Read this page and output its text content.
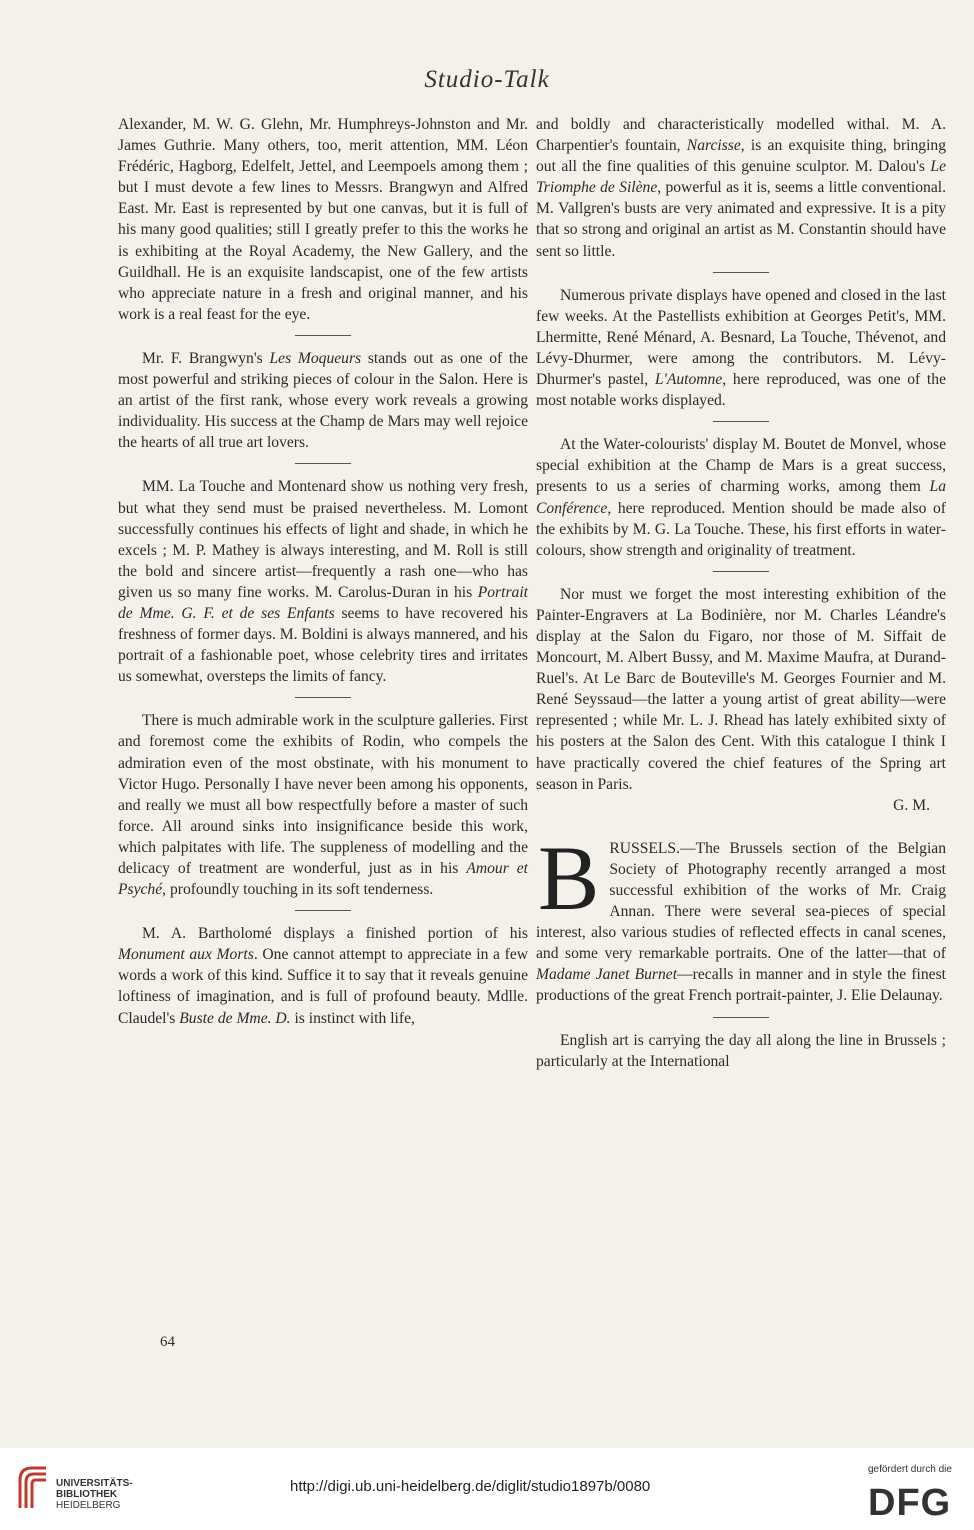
Studio-Talk

Alexander, M. W. G. Glehn, Mr. Humphreys-Johnston and Mr. James Guthrie. Many others, too, merit attention, MM. Léon Frédéric, Hagborg, Edelfelt, Jettel, and Leempoels among them ; but I must devote a few lines to Messrs. Brangwyn and Alfred East. Mr. East is represented by but one canvas, but it is full of his many good qualities; still I greatly prefer to this the works he is exhibiting at the Royal Academy, the New Gallery, and the Guildhall. He is an exquisite landscapist, one of the few artists who appreciate nature in a fresh and original manner, and his work is a real feast for the eye.

Mr. F. Brangwyn's Les Moqueurs stands out as one of the most powerful and striking pieces of colour in the Salon. Here is an artist of the first rank, whose every work reveals a growing individuality. His success at the Champ de Mars may well rejoice the hearts of all true art lovers.

MM. La Touche and Montenard show us nothing very fresh, but what they send must be praised nevertheless. M. Lomont successfully continues his effects of light and shade, in which he excels ; M. P. Mathey is always interesting, and M. Roll is still the bold and sincere artist—frequently a rash one—who has given us so many fine works. M. Carolus-Duran in his Portrait de Mme. G. F. et de ses Enfants seems to have recovered his freshness of former days. M. Boldini is always mannered, and his portrait of a fashionable poet, whose celebrity tires and irritates us somewhat, oversteps the limits of fancy.

There is much admirable work in the sculpture galleries. First and foremost come the exhibits of Rodin, who compels the admiration even of the most obstinate, with his monument to Victor Hugo. Personally I have never been among his opponents, and really we must all bow respectfully before a master of such force. All around sinks into insignificance beside this work, which palpitates with life. The suppleness of modelling and the delicacy of treatment are wonderful, just as in his Amour et Psyché, profoundly touching in its soft tenderness.

M. A. Bartholomé displays a finished portion of his Monument aux Morts. One cannot attempt to appreciate in a few words a work of this kind. Suffice it to say that it reveals genuine loftiness of imagination, and is full of profound beauty. Mdlle. Claudel's Buste de Mme. D. is instinct with life,

64

and boldly and characteristically modelled withal. M. A. Charpentier's fountain, Narcisse, is an exquisite thing, bringing out all the fine qualities of this genuine sculptor. M. Dalou's Le Triomphe de Silène, powerful as it is, seems a little conventional. M. Vallgren's busts are very animated and expressive. It is a pity that so strong and original an artist as M. Constantin should have sent so little.

Numerous private displays have opened and closed in the last few weeks. At the Pastellists exhibition at Georges Petit's, MM. Lhermitte, René Ménard, A. Besnard, La Touche, Thévenot, and Lévy-Dhurmer, were among the contributors. M. Lévy-Dhurmer's pastel, L'Automne, here reproduced, was one of the most notable works displayed.

At the Water-colourists' display M. Boutet de Monvel, whose special exhibition at the Champ de Mars is a great success, presents to us a series of charming works, among them La Conférence, here reproduced. Mention should be made also of the exhibits by M. G. La Touche. These, his first efforts in water-colours, show strength and originality of treatment.

Nor must we forget the most interesting exhibition of the Painter-Engravers at La Bodinière, nor M. Charles Léandre's display at the Salon du Figaro, nor those of M. Siffait de Moncourt, M. Albert Bussy, and M. Maxime Maufra, at Durand-Ruel's. At Le Barc de Bouteville's M. Georges Fournier and M. René Seyssaud—the latter a young artist of great ability—were represented ; while Mr. L. J. Rhead has lately exhibited sixty of his posters at the Salon des Cent. With this catalogue I think I have practically covered the chief features of the Spring art season in Paris.

G. M.

B RUSSELS.—The Brussels section of the Belgian Society of Photography recently arranged a most successful exhibition of the works of Mr. Craig Annan. There were several sea-pieces of special interest, also various studies of reflected effects in canal scenes, and some very remarkable portraits. One of the latter—that of Madame Janet Burnet—recalls in manner and in style the finest productions of the great French portrait-painter, J. Elie Delaunay.

English art is carrying the day all along the line in Brussels ; particularly at the International

UNIVERSITÄTS-
BIBLIOTHEK
HEIDELBERG
http://digi.ub.uni-heidelberg.de/diglit/studio1897b/0080
gefördert durch die
DFG
